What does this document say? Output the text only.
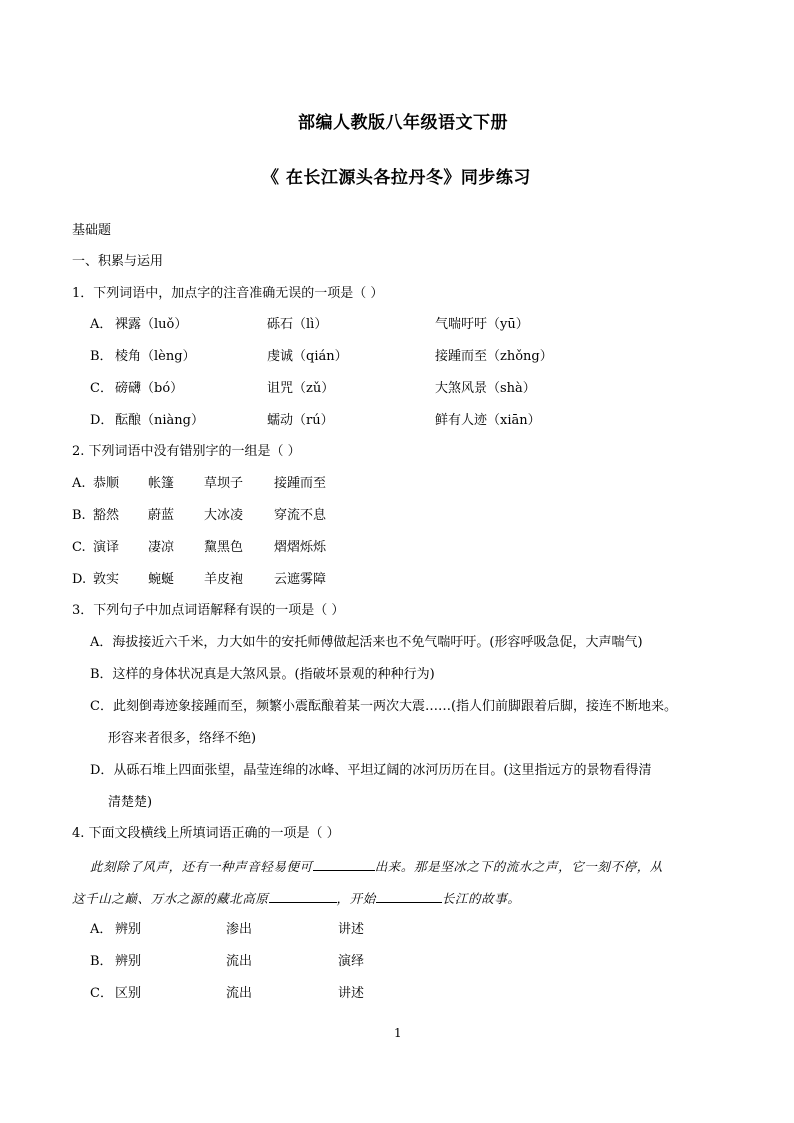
部编人教版八年级语文下册
《 在长江源头各拉丹冬》同步练习
基础题
一、积累与运用
1．下列词语中，加点字的注音准确无误的一项是（ ）
A． 裸露（luǒ）	砾石（lì）	气喘吁吁（yū）
B． 棱角（lèng）	虔诚（qián）	接踵而至（zhǒng）
C． 磅礴（bó）	诅咒（zǔ）	大煞风景（shà）
D． 酝酿（niàng）	蠕动（rú）	鲜有人迹（xiān）
2. 下列词语中没有错别字的一组是（ ）
A. 恭顺 帐篷 草坝子 接踵而至
B. 豁然 蔚蓝 大冰凌 穿流不息
C. 演译 凄凉 黧黑色 熠熠烁烁
D. 敦实 蜿蜒 羊皮袍 云遮雾障
3．下列句子中加点词语解释有误的一项是（ ）
A．海拔接近六千米，力大如牛的安托师傅做起活来也不免气喘吁吁。(形容呼吸急促，大声喘气)
B．这样的身体状况真是大煞风景。(指破坏景观的种种行为)
C．此刻倒毒迹象接踵而至，频繁小震酝酿着某一两次大震……(指人们前脚跟着后脚，接连不断地来。
形容来者很多，络绎不绝)
D．从砾石堆上四面张望，晶莹连绵的冰峰、平坦辽阔的冰河历历在目。(这里指远方的景物看得清
清楚楚)
4. 下面文段横线上所填词语正确的一项是（ ）
此刻除了风声，还有一种声音轻易便可	出来。那是坚冰之下的流水之声，它一刻不停，从
这千山之巅、万水之源的藏北高原	，开始	长江的故事。
A． 辨别	渗出	讲述
B． 辨别	流出	演绎
C． 区别	流出	讲述
1
